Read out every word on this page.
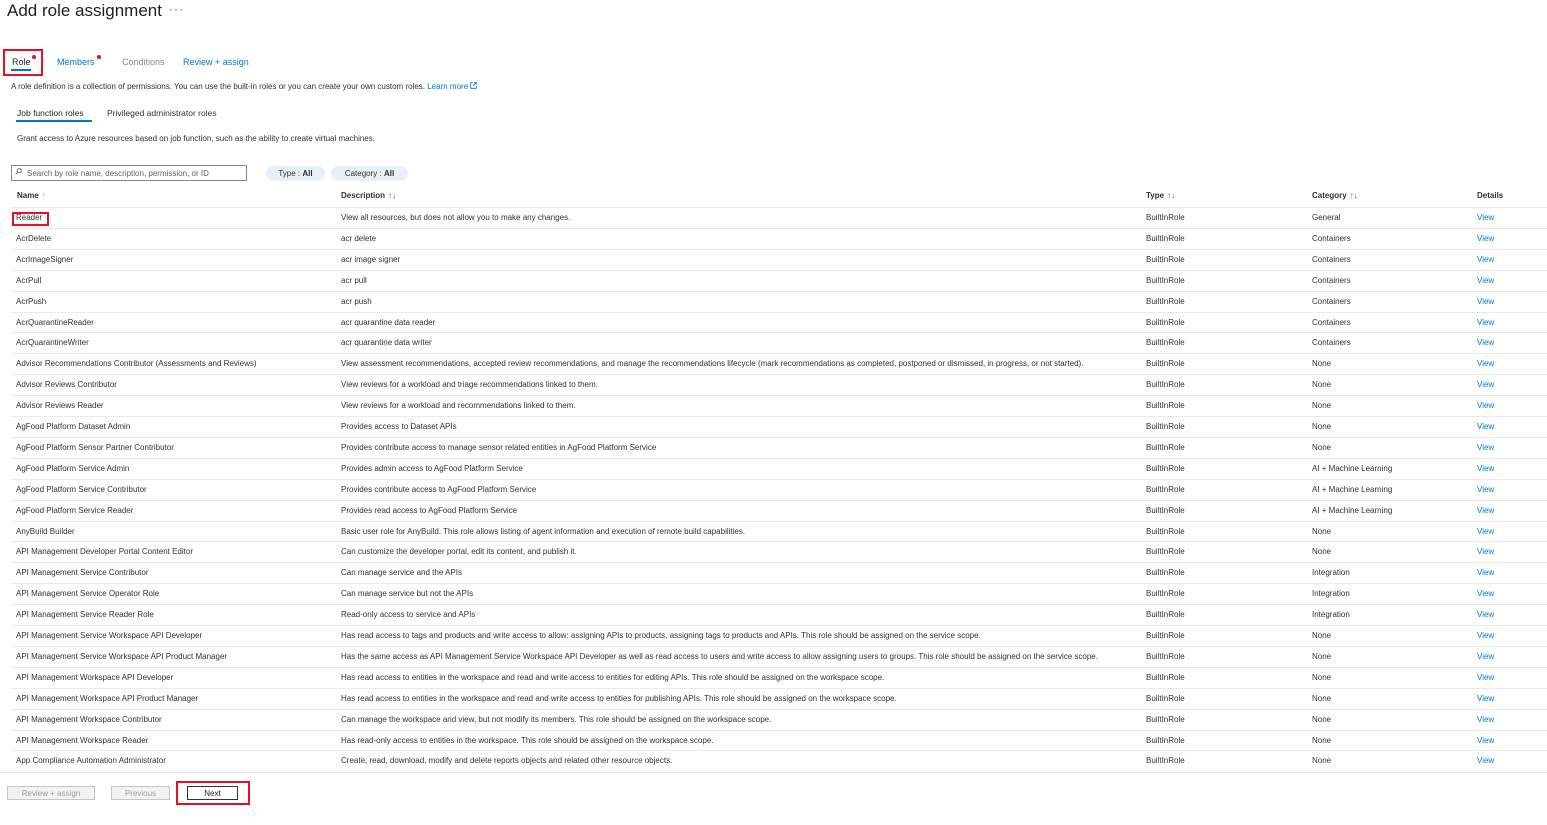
Add role assignment ···
Role	Members	Conditions Review + assign
A role definition is a collection of permissions. You can use the built-in roles or you can create your own custom roles. Learn more
Job function roles	Privileged administrator roles
Grant access to Azure resources based on job function, such as the ability to create virtual machines.
Search by role name, description, permission, or ID
Type : All	Category : All
Name ↑	Description ↑↓	Type ↑↓	Category ↑↓	Details
Reader	View all resources, but does not allow you to make any changes.	BuiltInRole	General	View
AcrDelete	acr delete	BuiltInRole	Containers	View
AcrImageSigner	acr image signer	BuiltInRole	Containers	View
AcrPull	acr pull	BuiltInRole	Containers	View
AcrPush	acr push	BuiltInRole	Containers	View
AcrQuarantineReader	acr quarantine data reader	BuiltInRole	Containers	View
AcrQuarantineWriter	acr quarantine data writer	BuiltInRole	Containers	View
Advisor Recommendations Contributor (Assessments and Reviews)	View assessment recommendations, accepted review recommendations, and manage the recommendations lifecycle (mark recommendations as completed, postponed or dismissed, in progress, or not started).	BuiltInRole	None	View
Advisor Reviews Contributor	View reviews for a workload and triage recommendations linked to them.	BuiltInRole	None	View
Advisor Reviews Reader	View reviews for a workload and recommendations linked to them.	BuiltInRole	None	View
AgFood Platform Dataset Admin	Provides access to Dataset APIs	BuiltInRole	None	View
AgFood Platform Sensor Partner Contributor	Provides contribute access to manage sensor related entities in AgFood Platform Service	BuiltInRole	None	View
AgFood Platform Service Admin	Provides admin access to AgFood Platform Service	BuiltInRole	AI + Machine Learning	View
AgFood Platform Service Contributor	Provides contribute access to AgFood Platform Service	BuiltInRole	AI + Machine Learning	View
AgFood Platform Service Reader	Provides read access to AgFood Platform Service	BuiltInRole	AI + Machine Learning	View
AnyBuild Builder	Basic user role for AnyBuild. This role allows listing of agent information and execution of remote build capabilities.	BuiltInRole	None	View
API Management Developer Portal Content Editor	Can customize the developer portal, edit its content, and publish it.	BuiltInRole	None	View
API Management Service Contributor	Can manage service and the APIs	BuiltInRole	Integration	View
API Management Service Operator Role	Can manage service but not the APIs	BuiltInRole	Integration	View
API Management Service Reader Role	Read-only access to service and APIs	BuiltInRole	Integration	View
API Management Service Workspace API Developer	Has read access to tags and products and write access to allow: assigning APIs to products, assigning tags to products and APIs. This role should be assigned on the service scope.	BuiltInRole	None	View
API Management Service Workspace API Product Manager	Has the same access as API Management Service Workspace API Developer as well as read access to users and write access to allow assigning users to groups. This role should be assigned on the service scope.	BuiltInRole	None	View
API Management Workspace API Developer	Has read access to entities in the workspace and read and write access to entities for editing APIs. This role should be assigned on the workspace scope.	BuiltInRole	None	View
API Management Workspace API Product Manager	Has read access to entities in the workspace and read and write access to entities for publishing APIs. This role should be assigned on the workspace scope.	BuiltInRole	None	View
API Management Workspace Contributor	Can manage the workspace and view, but not modify its members. This role should be assigned on the workspace scope.	BuiltInRole	None	View
API Management Workspace Reader	Has read-only access to entities in the workspace. This role should be assigned on the workspace scope.	BuiltInRole	None	View
App Compliance Automation Administrator	Create, read, download, modify and delete reports objects and related other resource objects.	BuiltInRole	None	View
Review + assign	Previous	Next
